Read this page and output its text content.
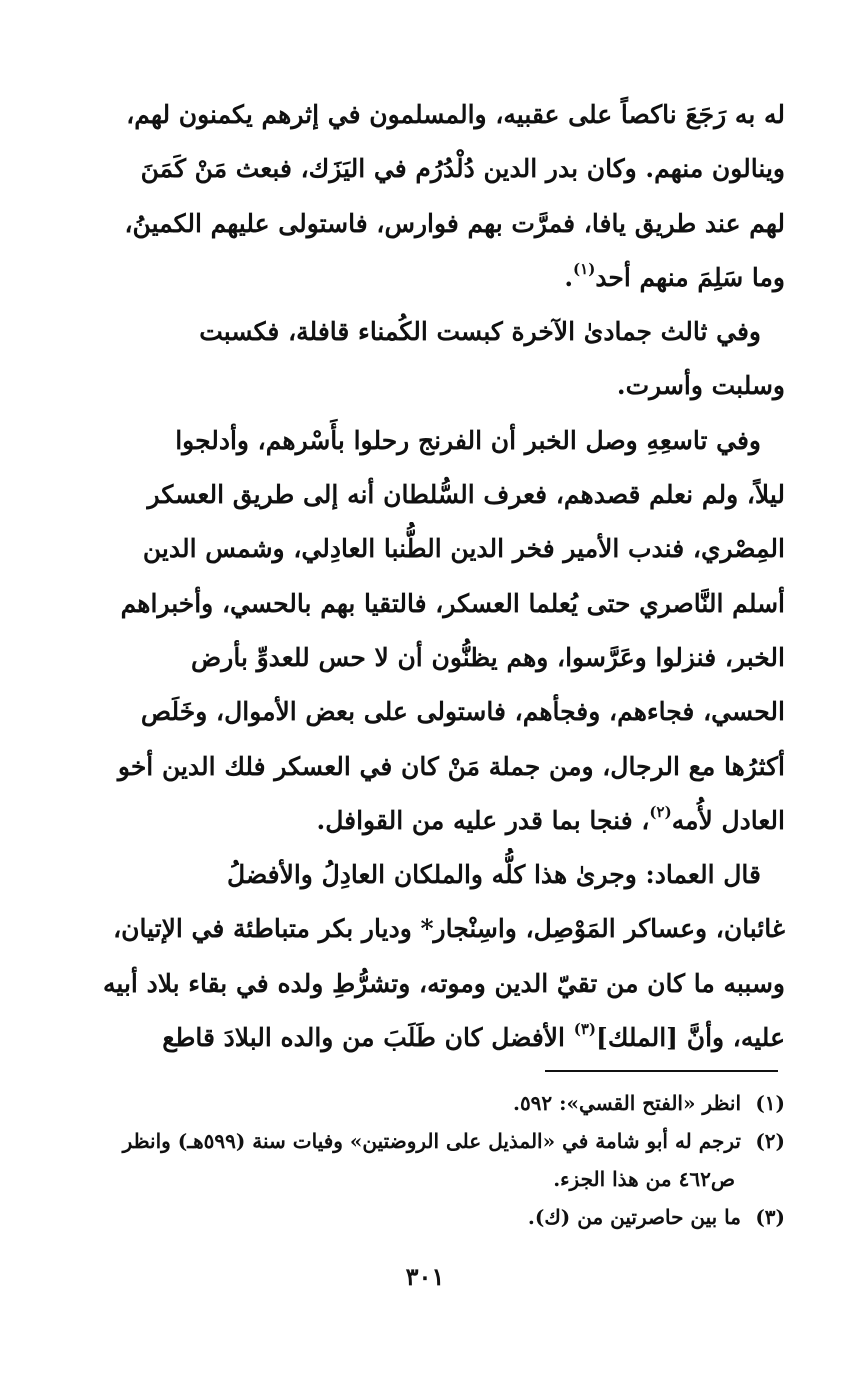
له به رَجَعَ ناكصاً على عقبيه، والمسلمون في إثرهم يكمنون لهم،
وينالون منهم. وكان بدر الدين دُلْدُرُم في اليَزَك، فبعث مَنْ كَمَنَ
لهم عند طريق يافا، فمرَّت بهم فوارس، فاستولى عليهم الكمينُ،
وما سَلِمَ منهم أحد$^{(١)}$.
وفي ثالث جمادىٰ الآخرة كبست الكُمناء قافلة، فكسبت
وسلبت وأسرت.
وفي تاسعِهِ وصل الخبر أن الفرنج رحلوا بأَسْرهم، وأدلجوا
ليلاً، ولم نعلم قصدهم، فعرف السُّلطان أنه إلى طريق العسكر
المِصْري، فندب الأمير فخر الدين الطُّنبا العادِلي، وشمس الدين
أسلم النَّاصري حتى يُعلما العسكر، فالتقيا بهم بالحسي، وأخبراهم
الخبر، فنزلوا وعَرَّسوا، وهم يظنُّون أن لا حس للعدوِّ بأرض
الحسي، فجاءهم، وفجأهم، فاستولى على بعض الأموال، وخَلَص
أكثرُها مع الرجال، ومن جملة مَنْ كان في العسكر فلك الدين أخو
العادل لأُمه$^{(٢)}$، فنجا بما قدر عليه من القوافل.
قال العماد: وجرىٰ هذا كلُّه والملكان العادِلُ والأفضلُ
غائبان، وعساكر المَوْصِل، واسِنْجار* وديار بكر متباطئة في الإتيان،
وسببه ما كان من تقيّ الدين وموته، وتشرُّطِ ولده في بقاء بلاد أبيه
عليه، وأنَّ [الملك]$^{(٣)}$ الأفضل كان طَلَبَ من والده البلادَ قاطع
(١)انظر «الفتح القسي»: ٥٩٢.
(٢)ترجم له أبو شامة في «المذيل على الروضتين» وفيات سنة (٥٩٩هـ) وانظر
ص٤٦٢ من هذا الجزء.
(٣)ما بين حاصرتين من (ك).
٣٠١
